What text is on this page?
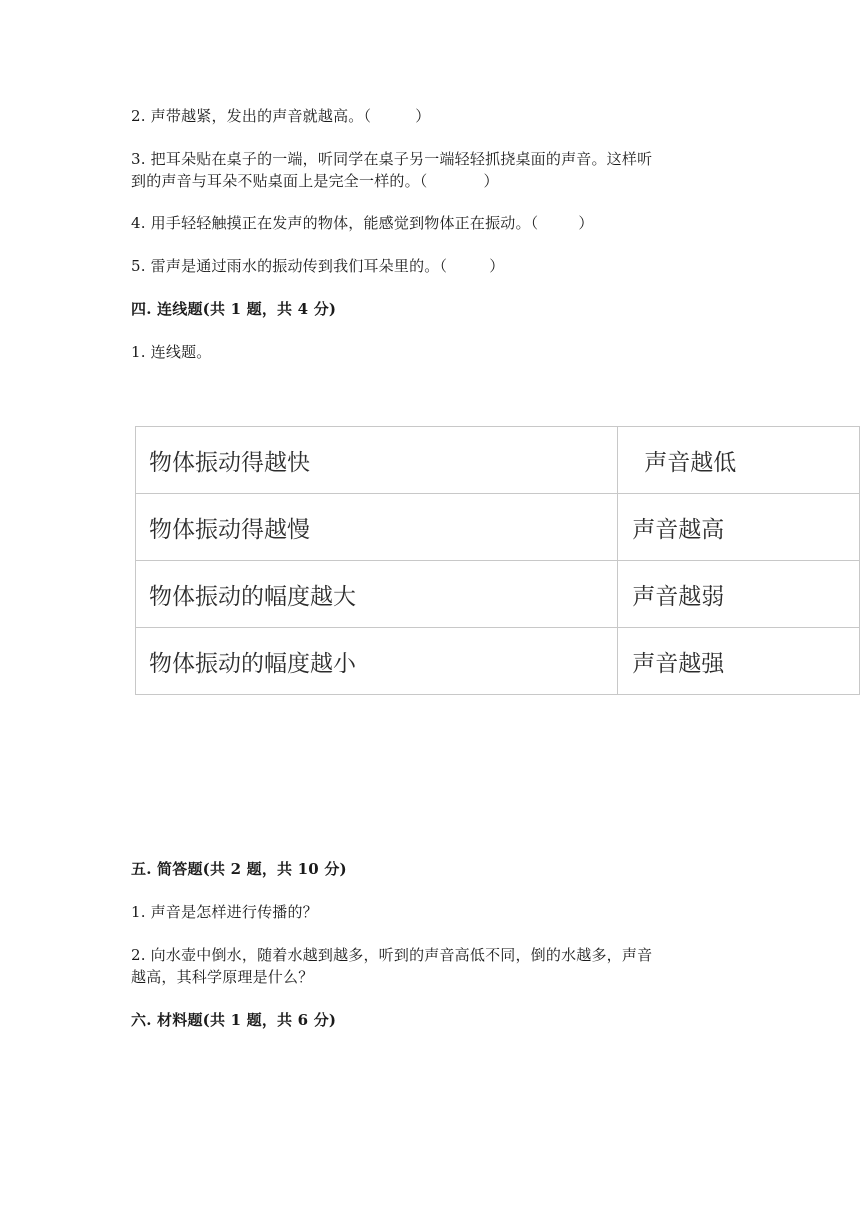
2. 声带越紧，发出的声音就越高。（	）
3. 把耳朵贴在桌子的一端，听同学在桌子另一端轻轻抓挠桌面的声音。这样听
到的声音与耳朵不贴桌面上是完全一样的。（	）
4. 用手轻轻触摸正在发声的物体，能感觉到物体正在振动。（	）
5. 雷声是通过雨水的振动传到我们耳朵里的。（	）
四. 连线题(共 1 题，共 4 分)
1. 连线题。
物体振动得越快	声音越低
物体振动得越慢	声音越高
物体振动的幅度越大	声音越弱
物体振动的幅度越小	声音越强
五. 简答题(共 2 题，共 10 分)
1. 声音是怎样进行传播的？
2. 向水壶中倒水，随着水越到越多，听到的声音高低不同，倒的水越多，声音
越高，其科学原理是什么？
六. 材料题(共 1 题，共 6 分)
